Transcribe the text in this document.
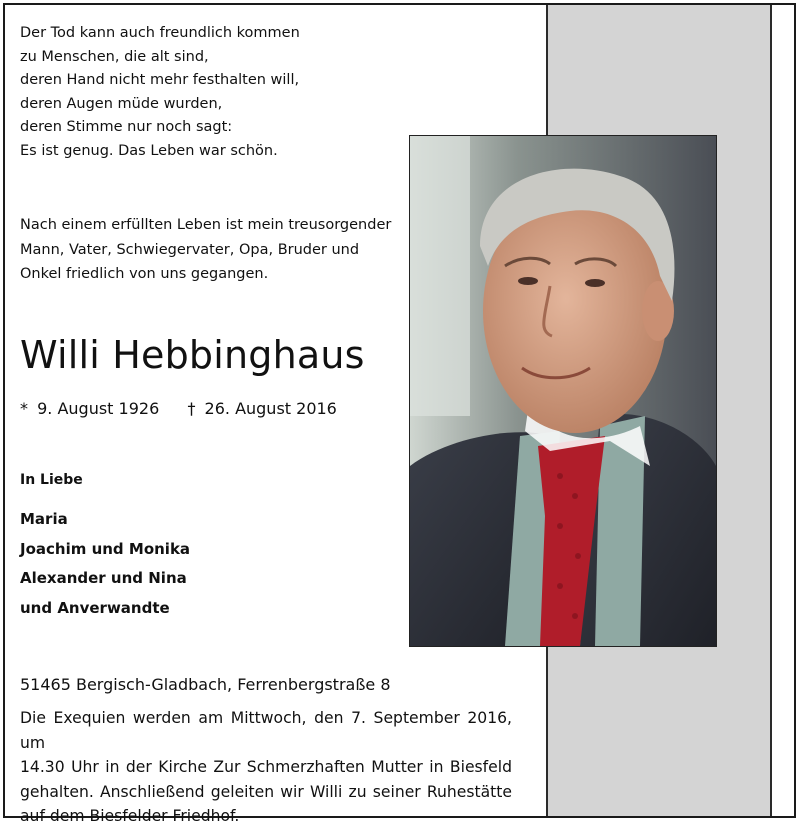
Der Tod kann auch freundlich kommen
zu Menschen, die alt sind,
deren Hand nicht mehr festhalten will,
deren Augen müde wurden,
deren Stimme nur noch sagt:
Es ist genug. Das Leben war schön.
Nach einem erfüllten Leben ist mein treusorgender
Mann, Vater, Schwiegervater, Opa, Bruder und
Onkel friedlich von uns gegangen.
Willi Hebbinghaus
* 9. August 1926 † 26. August 2016
In Liebe
Maria
Joachim und Monika
Alexander und Nina
und Anverwandte
51465 Bergisch-Gladbach, Ferrenbergstraße 8
Die Exequien werden am Mittwoch, den 7. September 2016, um
14.30 Uhr in der Kirche Zur Schmerzhaften Mutter in Biesfeld
gehalten. Anschließend geleiten wir Willi zu seiner Ruhestätte
auf dem Biesfelder Friedhof.
